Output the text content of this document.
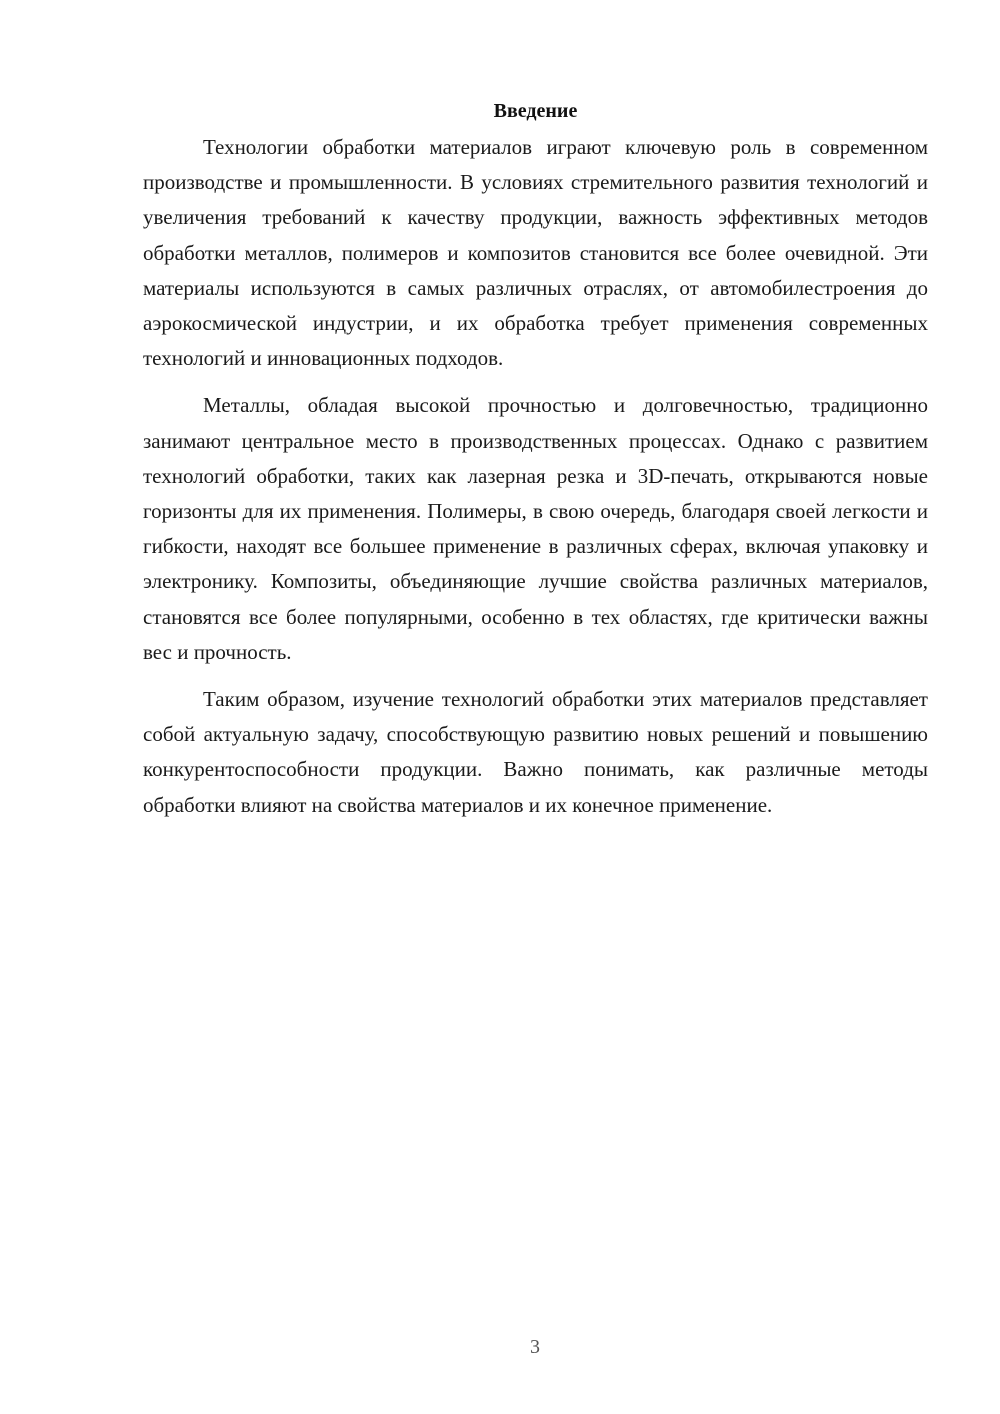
Введение

Технологии обработки материалов играют ключевую роль в современном производстве и промышленности. В условиях стремительного развития технологий и увеличения требований к качеству продукции, важность эффективных методов обработки металлов, полимеров и композитов становится все более очевидной. Эти материалы используются в самых различных отраслях, от автомобилестроения до аэрокосмической индустрии, и их обработка требует применения современных технологий и инновационных подходов.

Металлы, обладая высокой прочностью и долговечностью, традиционно занимают центральное место в производственных процессах. Однако с развитием технологий обработки, таких как лазерная резка и 3D-печать, открываются новые горизонты для их применения. Полимеры, в свою очередь, благодаря своей легкости и гибкости, находят все большее применение в различных сферах, включая упаковку и электронику. Композиты, объединяющие лучшие свойства различных материалов, становятся все более популярными, особенно в тех областях, где критически важны вес и прочность.

Таким образом, изучение технологий обработки этих материалов представляет собой актуальную задачу, способствующую развитию новых решений и повышению конкурентоспособности продукции. Важно понимать, как различные методы обработки влияют на свойства материалов и их конечное применение.

3
